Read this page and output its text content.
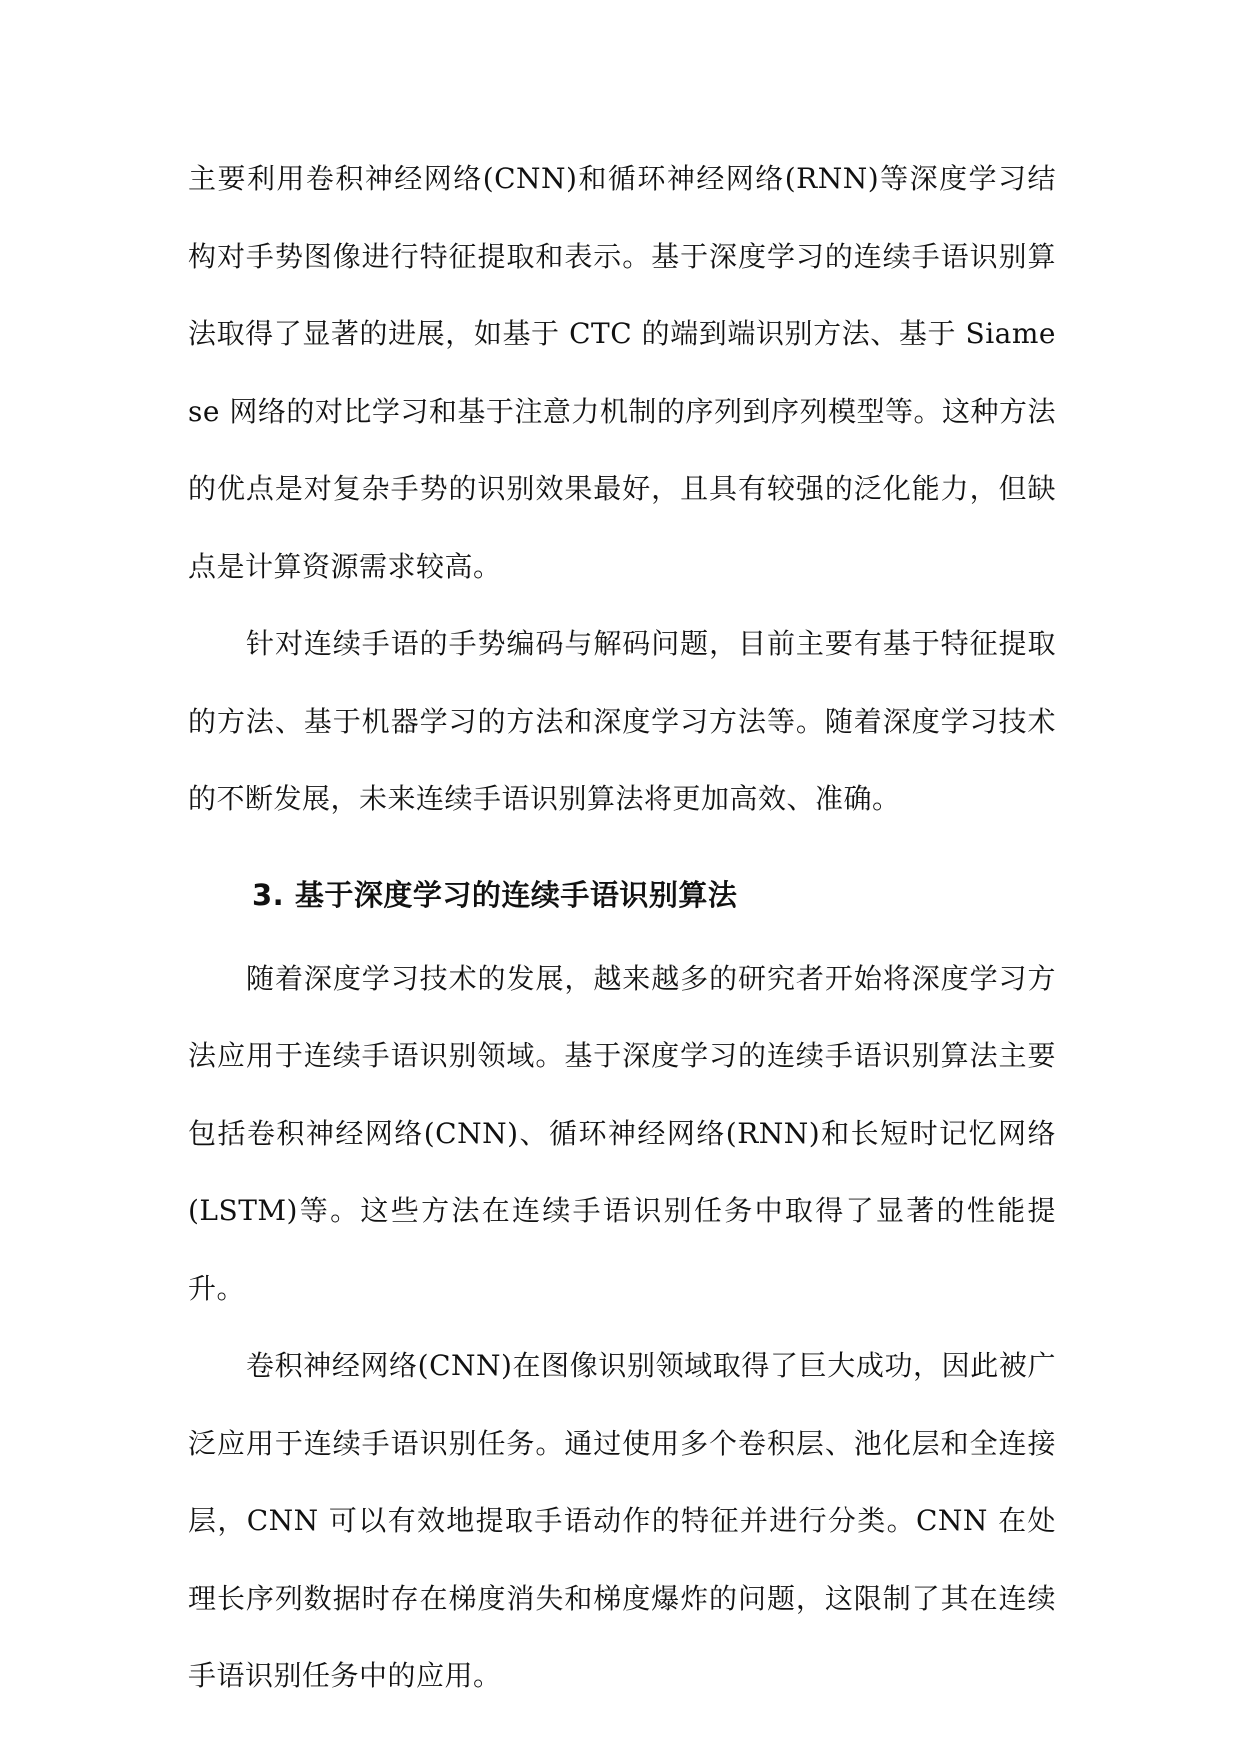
主要利用卷积神经网络(CNN)和循环神经网络(RNN)等深度学习结构对手势图像进行特征提取和表示。基于深度学习的连续手语识别算法取得了显著的进展，如基于 CTC 的端到端识别方法、基于 Siamese 网络的对比学习和基于注意力机制的序列到序列模型等。这种方法的优点是对复杂手势的识别效果最好，且具有较强的泛化能力，但缺点是计算资源需求较高。

针对连续手语的手势编码与解码问题，目前主要有基于特征提取的方法、基于机器学习的方法和深度学习方法等。随着深度学习技术的不断发展，未来连续手语识别算法将更加高效、准确。

3. 基于深度学习的连续手语识别算法

随着深度学习技术的发展，越来越多的研究者开始将深度学习方法应用于连续手语识别领域。基于深度学习的连续手语识别算法主要包括卷积神经网络(CNN)、循环神经网络(RNN)和长短时记忆网络(LSTM)等。这些方法在连续手语识别任务中取得了显著的性能提升。

卷积神经网络(CNN)在图像识别领域取得了巨大成功，因此被广泛应用于连续手语识别任务。通过使用多个卷积层、池化层和全连接层，CNN 可以有效地提取手语动作的特征并进行分类。CNN 在处理长序列数据时存在梯度消失和梯度爆炸的问题，这限制了其在连续手语识别任务中的应用。
